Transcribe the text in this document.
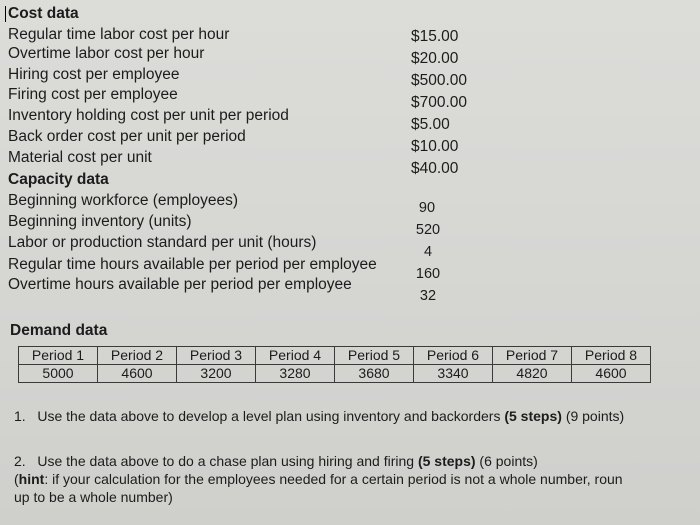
Cost data
Regular time labor cost per hour	$15.00
Overtime labor cost per hour	$20.00
Hiring cost per employee	$500.00
Firing cost per employee	$700.00
Inventory holding cost per unit per period
$5.00
Back order cost per unit per period
$10.00
Material cost per unit
$40.00
Capacity data
Beginning workforce (employees)	90
Beginning inventory (units)	520
Labor or production standard per unit (hours)
4
Regular time hours available per period per employee
160
Overtime hours available per period per employee
32
Demand data
Period 1	Period 2	Period 3	Period 4	Period 5	Period 6	Period 7	Period 8
5000	4600	3200	3280	3680	3340	4820	4600
1. Use the data above to develop a level plan using inventory and backorders (5 steps) (9 points)
2. Use the data above to do a chase plan using hiring and firing (5 steps) (6 points)
(hint: if your calculation for the employees needed for a certain period is not a whole number, roun
up to be a whole number)
